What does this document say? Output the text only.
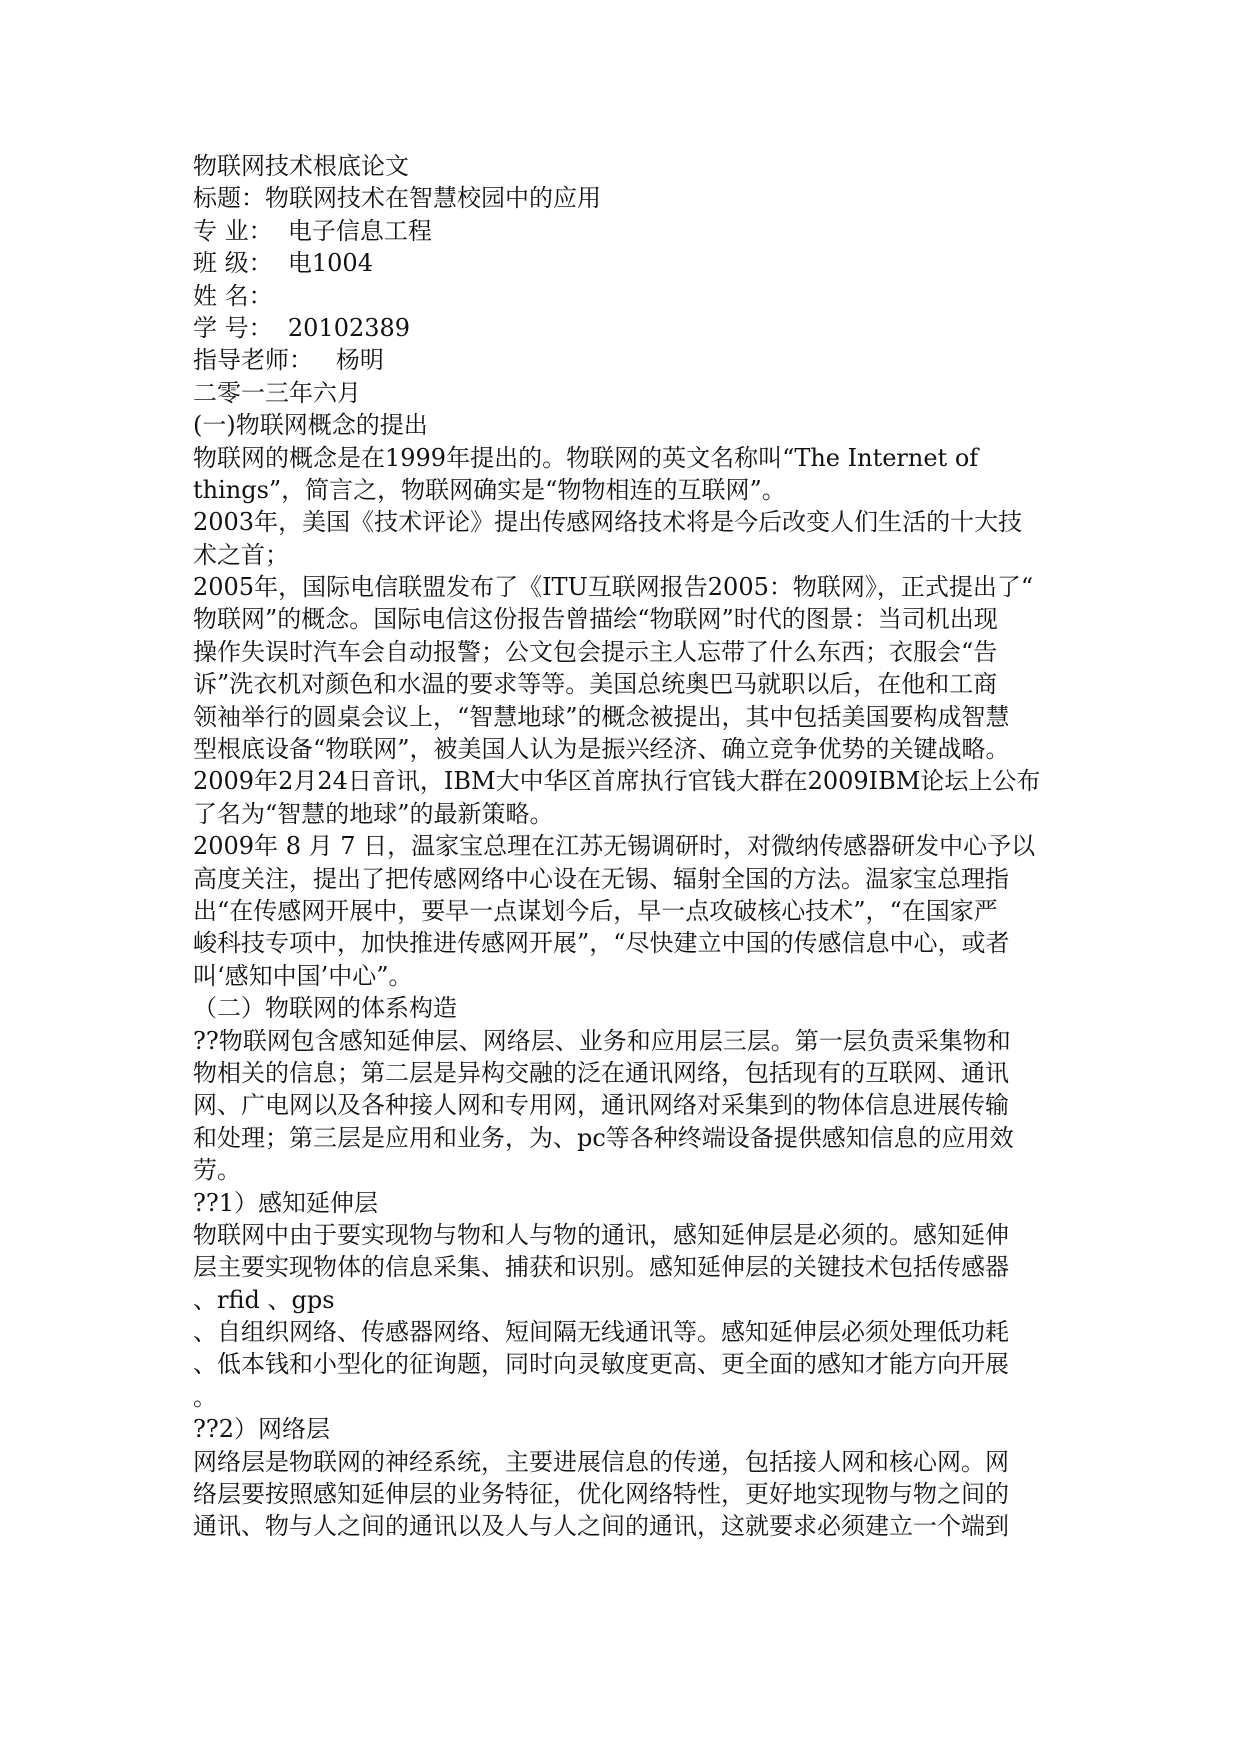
物联网技术根底论文
标题：物联网技术在智慧校园中的应用
专 业：  电子信息工程
班 级：  电1004
姓 名：
学 号：  20102389
指导老师：   杨明
二零一三年六月
(一)物联网概念的提出
物联网的概念是在1999年提出的。物联网的英文名称叫“The Internet of
things”，简言之，物联网确实是“物物相连的互联网”。
2003年，美国《技术评论》提出传感网络技术将是今后改变人们生活的十大技
术之首；
2005年，国际电信联盟发布了《ITU互联网报告2005：物联网》，正式提出了“
物联网”的概念。国际电信这份报告曾描绘“物联网”时代的图景：当司机出现
操作失误时汽车会自动报警；公文包会提示主人忘带了什么东西；衣服会“告
诉”洗衣机对颜色和水温的要求等等。美国总统奥巴马就职以后，在他和工商
领袖举行的圆桌会议上，“智慧地球”的概念被提出，其中包括美国要构成智慧
型根底设备“物联网”，被美国人认为是振兴经济、确立竞争优势的关键战略。
2009年2月24日音讯，IBM大中华区首席执行官钱大群在2009IBM论坛上公布
了名为“智慧的地球”的最新策略。
2009年 8 月 7 日，温家宝总理在江苏无锡调研时，对微纳传感器研发中心予以
高度关注，提出了把传感网络中心设在无锡、辐射全国的方法。温家宝总理指
出“在传感网开展中，要早一点谋划今后，早一点攻破核心技术”，“在国家严
峻科技专项中，加快推进传感网开展”，“尽快建立中国的传感信息中心，或者
叫‘感知中国’中心”。
（二）物联网的体系构造
??物联网包含感知延伸层、网络层、业务和应用层三层。第一层负责采集物和
物相关的信息；第二层是异构交融的泛在通讯网络，包括现有的互联网、通讯
网、广电网以及各种接人网和专用网，通讯网络对采集到的物体信息进展传输
和处理；第三层是应用和业务，为、pc等各种终端设备提供感知信息的应用效
劳。
??1）感知延伸层
物联网中由于要实现物与物和人与物的通讯，感知延伸层是必须的。感知延伸
层主要实现物体的信息采集、捕获和识别。感知延伸层的关键技术包括传感器
、rfid 、gps
、自组织网络、传感器网络、短间隔无线通讯等。感知延伸层必须处理低功耗
、低本钱和小型化的征询题，同时向灵敏度更高、更全面的感知才能方向开展
。
??2）网络层
网络层是物联网的神经系统，主要进展信息的传递，包括接人网和核心网。网
络层要按照感知延伸层的业务特征，优化网络特性，更好地实现物与物之间的
通讯、物与人之间的通讯以及人与人之间的通讯，这就要求必须建立一个端到
